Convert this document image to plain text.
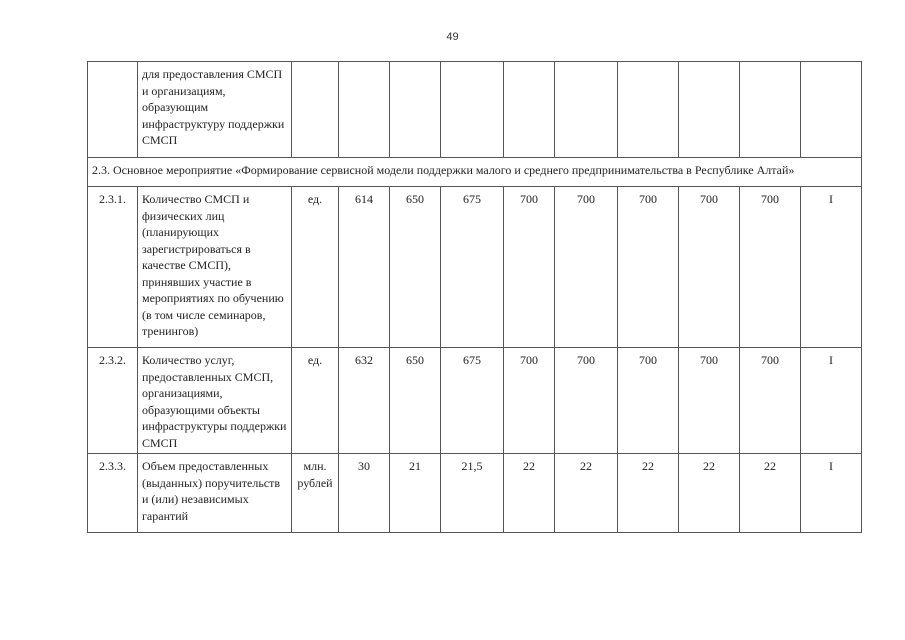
49
	для предоставления СМСП и организациям, образующим инфраструктуру поддержки СМСП										
2.3. Основное мероприятие «Формирование сервисной модели поддержки малого и среднего предпринимательства в Республике Алтай»											
2.3.1.	Количество СМСП и физических лиц (планирующих зарегистрироваться в качестве СМСП), принявших участие в мероприятиях по обучению (в том числе семинаров, тренингов)	ед.	614	650	675	700	700	700	700	700	I
2.3.2.	Количество услуг, предоставленных СМСП, организациями, образующими объекты инфраструктуры поддержки СМСП	ед.	632	650	675	700	700	700	700	700	I
2.3.3.	Объем предоставленных (выданных) поручительств и (или) независимых гарантий	млн. рублей	30	21	21,5	22	22	22	22	22	I
